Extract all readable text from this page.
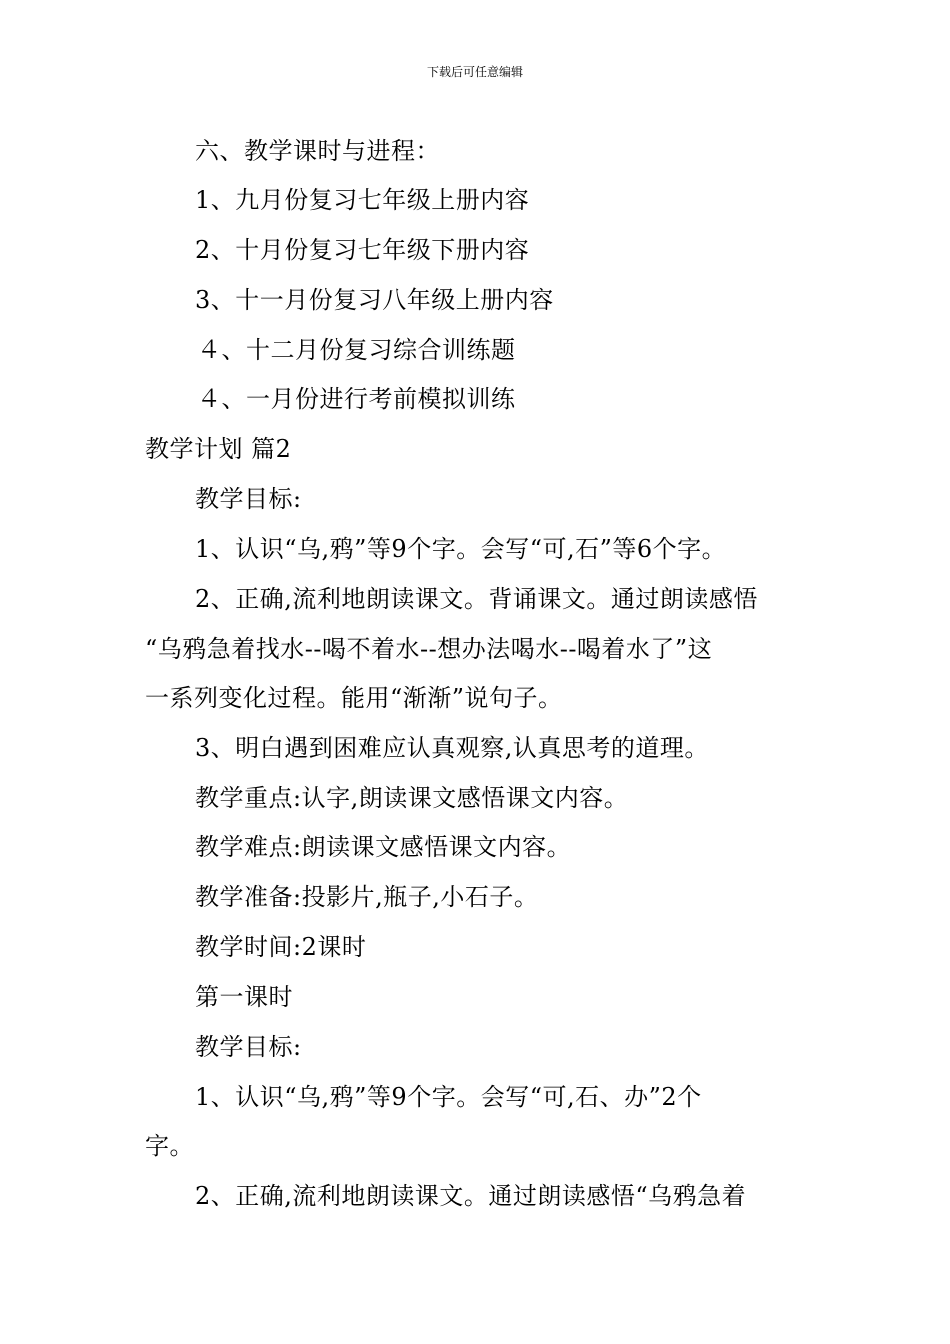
下载后可任意编辑
六、教学课时与进程：
1、九月份复习七年级上册内容
2、十月份复习七年级下册内容
3、十一月份复习八年级上册内容
４、十二月份复习综合训练题
４、一月份进行考前模拟训练
教学计划 篇2
教学目标:
1、认识“乌,鸦”等9个字。会写“可,石”等6个字。
2、正确,流利地朗读课文。背诵课文。通过朗读感悟
“乌鸦急着找水--喝不着水--想办法喝水--喝着水了”这
一系列变化过程。能用“渐渐”说句子。
3、明白遇到困难应认真观察,认真思考的道理。
教学重点:认字,朗读课文感悟课文内容。
教学难点:朗读课文感悟课文内容。
教学准备:投影片,瓶子,小石子。
教学时间:2课时
第一课时
教学目标:
1、认识“乌,鸦”等9个字。会写“可,石、办”2个
字。
2、正确,流利地朗读课文。通过朗读感悟“乌鸦急着
